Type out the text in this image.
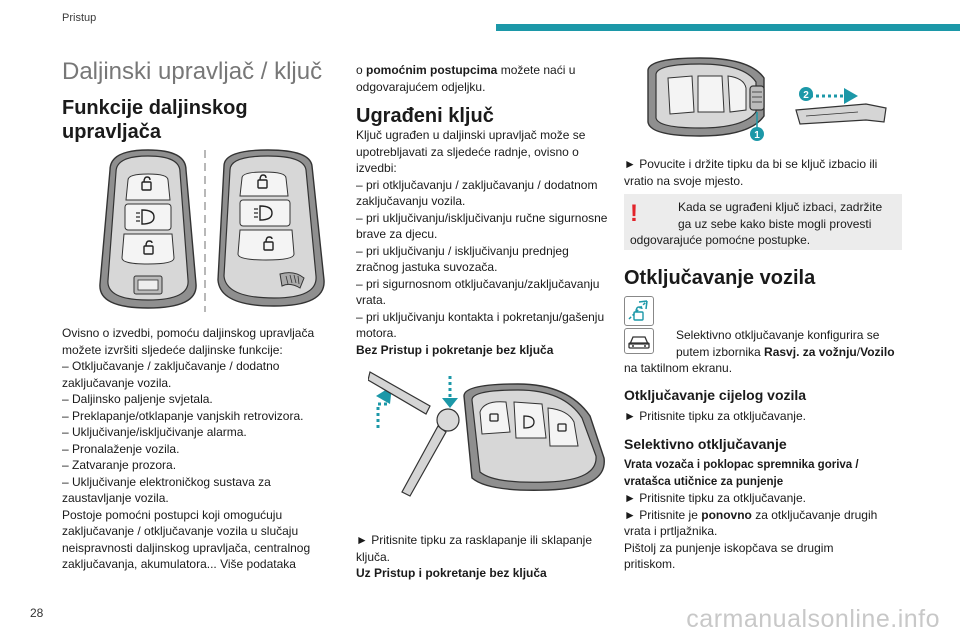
Pristup
Daljinski upravljač / ključ
Funkcije daljinskog
upravljača
Ovisno o izvedbi, pomoću daljinskog upravljača
možete izvršiti sljedeće daljinske funkcije:
– Otključavanje / zaključavanje / dodatno
zaključavanje vozila.
– Daljinsko paljenje svjetala.
– Preklapanje/otklapanje vanjskih retrovizora.
– Uključivanje/isključivanje alarma.
– Pronalaženje vozila.
– Zatvaranje prozora.
– Uključivanje elektroničkog sustava za
zaustavljanje vozila.
Postoje pomoćni postupci koji omogućuju
zaključavanje / otključavanje vozila u slučaju
neispravnosti daljinskog upravljača, centralnog
zaključavanja, akumulatora... Više podataka
o pomoćnim postupcima možete naći u
odgovarajućem odjeljku.
Ugrađeni ključ
Ključ ugrađen u daljinski upravljač može se
upotrebljavati za sljedeće radnje, ovisno o
izvedbi:
– pri otključavanju / zaključavanju / dodatnom
zaključavanju vozila.
– pri uključivanju/isključivanju ručne sigurnosne
brave za djecu.
– pri uključivanju / isključivanju prednjeg
zračnog jastuka suvozača.
– pri sigurnosnom otključavanju/zaključavanju
vrata.
– pri uključivanju kontakta i pokretanju/gašenju
motora.
Bez Pristup i pokretanje bez ključa
► Pritisnite tipku za rasklapanje ili sklapanje
ključa.
Uz Pristup i pokretanje bez ključa
2
1
► Povucite i držite tipku da bi se ključ izbacio ili
vratio na svoje mjesto.
!	Kada se ugrađeni ključ izbaci, zadržite
ga uz sebe kako biste mogli provesti
odgovarajuće pomoćne postupke.
Otključavanje vozila
Selektivno otključavanje konfigurira se
putem izbornika Rasvj. za vožnju/Vozilo
na taktilnom ekranu.
Otključavanje cijelog vozila
► Pritisnite tipku za otključavanje.
Selektivno otključavanje
Vrata vozača i poklopac spremnika goriva /
vratašca utičnice za punjenje
► Pritisnite tipku za otključavanje.
► Pritisnite je ponovno za otključavanje drugih
vrata i prtljažnika.
Pištolj za punjenje iskopčava se drugim
pritiskom.
28	carmanualsonline.info
